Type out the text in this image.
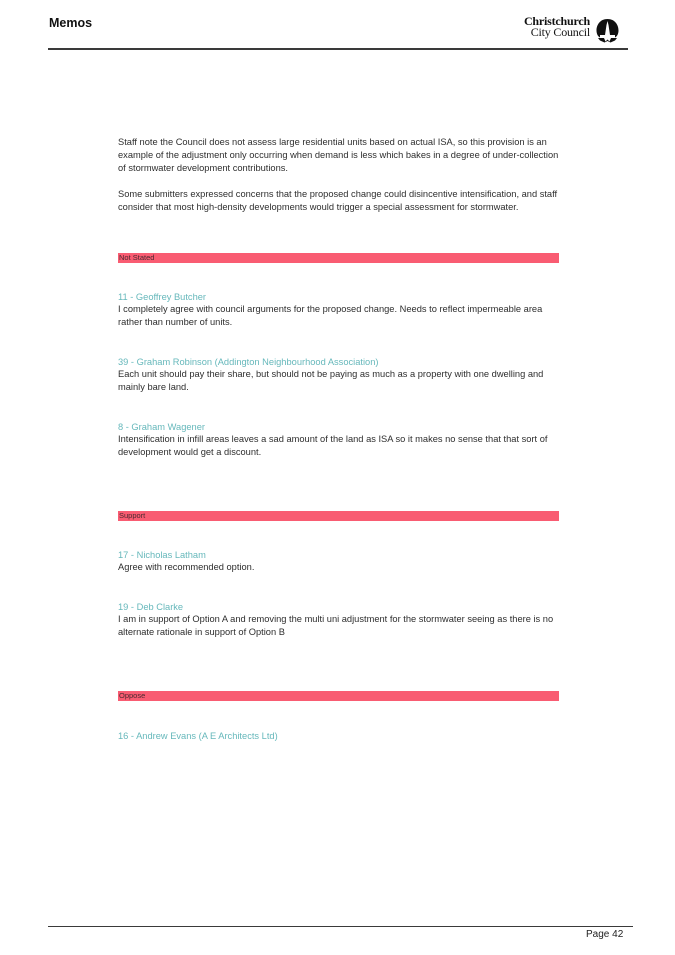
Memos	Christchurch
City Council

Staff note the Council does not assess large residential units based on actual ISA, so this provision is an example of the adjustment only occurring when demand is less which bakes in a degree of under-collection of stormwater development contributions.

Some submitters expressed concerns that the proposed change could disincentive intensification, and staff consider that most high-density developments would trigger a special assessment for stormwater.

Not Stated

11 - Geoffrey Butcher

I completely agree with council arguments for the proposed change. Needs to reflect impermeable area rather than number of units.

39 - Graham Robinson (Addington Neighbourhood Association)

Each unit should pay their share, but should not be paying as much as a property with one dwelling and mainly bare land.

8 - Graham Wagener

Intensification in infill areas leaves a sad amount of the land as ISA so it makes no sense that that sort of development would get a discount.

Support

17 - Nicholas Latham

Agree with recommended option.

19 - Deb Clarke

I am in support of Option A and removing the multi uni adjustment for the stormwater seeing as there is no alternate rationale in support of Option B

Oppose

16 - Andrew Evans (A E Architects Ltd)

Page 42
